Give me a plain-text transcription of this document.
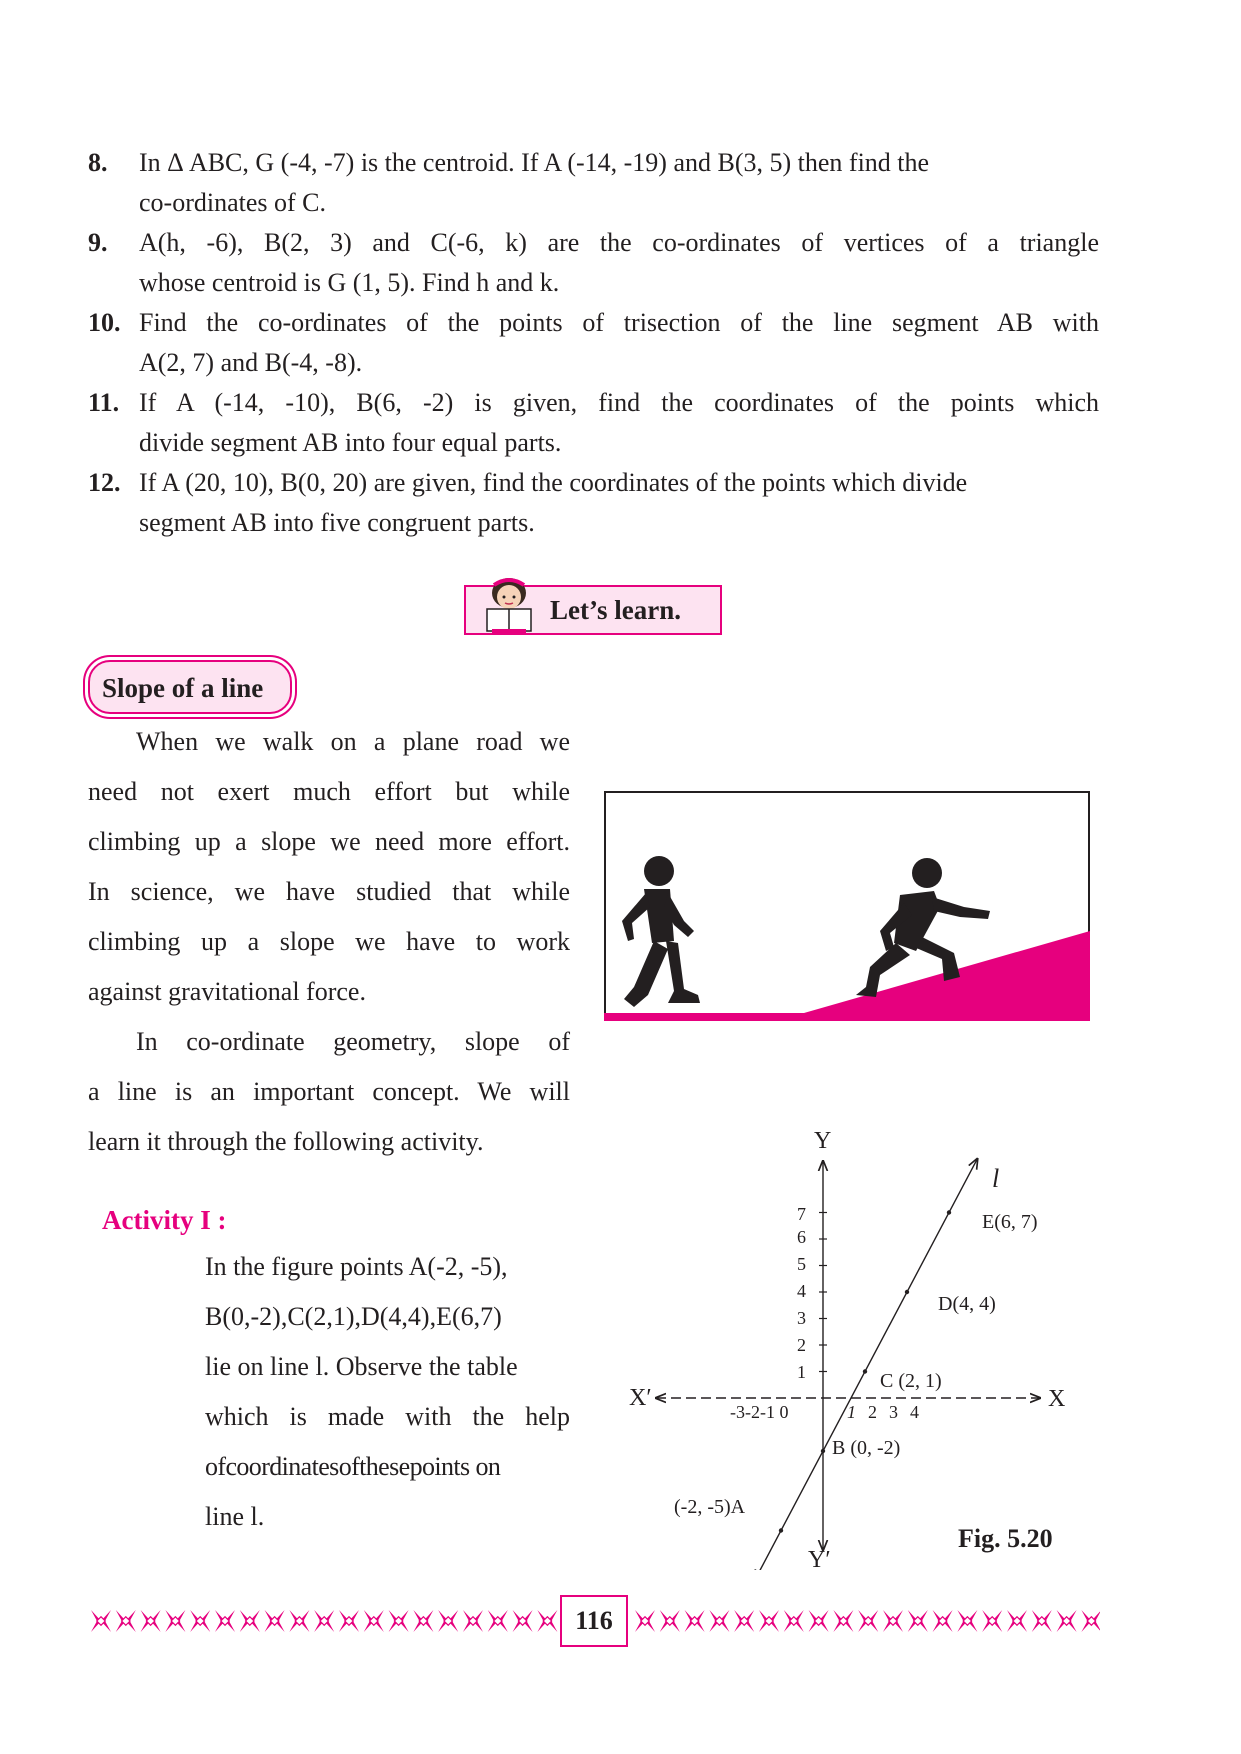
8. In Δ ABC, G (-4, -7) is the centroid. If A (-14, -19) and B(3, 5) then find the
co-ordinates of C.
9. A(h, -6), B(2, 3) and C(-6, k) are the co-ordinates of vertices of a triangle
whose centroid is G (1, 5). Find h and k.
10. Find the co-ordinates of the points of trisection of the line segment AB with
A(2, 7) and B(-4, -8).
11. If A (-14, -10), B(6, -2) is given, find the coordinates of the points which
divide segment AB into four equal parts.
12. If A (20, 10), B(0, 20) are given, find the coordinates of the points which divide
segment AB into five congruent parts.
Let’s learn.
Slope of a line
When we walk on a plane road we
need not exert much effort but while
climbing up a slope we need more effort.
In science, we have studied that while
climbing up a slope we have to work
against gravitational force.
In co-ordinate geometry, slope of
a line is an important concept. We will
learn it through the following activity.
Activity I :
In the figure points A(-2, -5),
B(0,-2),C(2,1),D(4,4),E(6,7)
lie on line l. Observe the table
which is made with the help
ofcoordinatesofthesepoints on
line l.
Y
Y′
X
X′
l
-3-2-1 0	1 2 3 4
1
2
3
4
5
6
7
(-2, -5)A
B (0, -2)
C (2, 1)
D(4, 4)
E(6, 7)
Fig. 5.20
116
